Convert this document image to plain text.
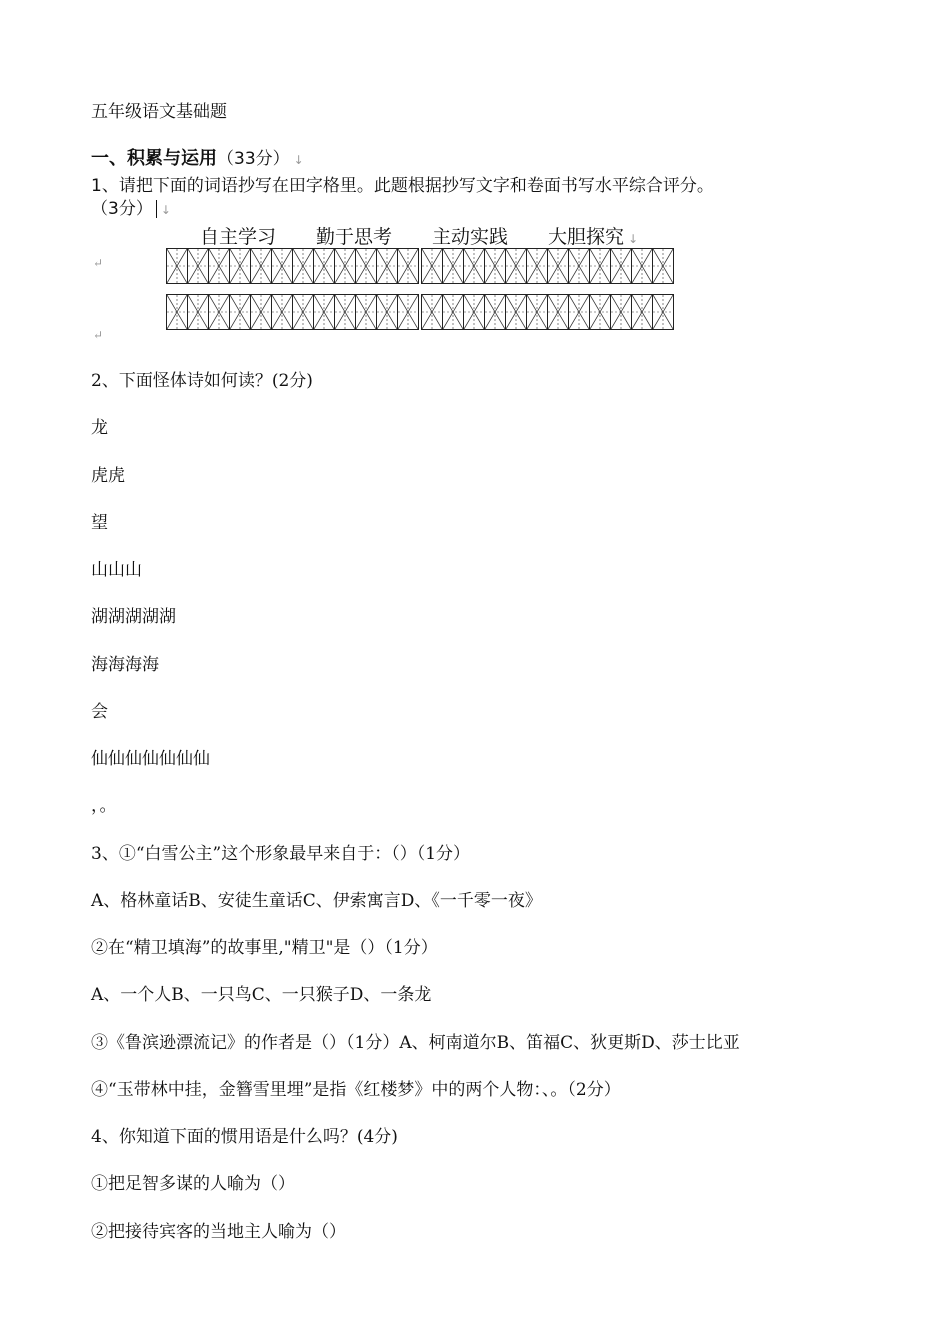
五年级语文基础题
一、积累与运用（33分） ↓
1、请把下面的词语抄写在田字格里。此题根据抄写文字和卷面书写水平综合评分。
（3分） ↓
自主学习 勤于思考 主动实践 大胆探究 ↓
↵
↵
2、下面怪体诗如何读？(2分)
龙
虎虎
望
山山山
湖湖湖湖湖
海海海海
会
仙仙仙仙仙仙仙
，。
3、①“白雪公主”这个形象最早来自于：（）（1分）
A、格林童话B、安徒生童话C、伊索寓言D、《一千零一夜》
②在“精卫填海”的故事里,"精卫"是（）（1分）
A、一个人B、一只鸟C、一只猴子D、一条龙
③《鲁滨逊漂流记》的作者是（）（1分）A、柯南道尔B、笛福C、狄更斯D、莎士比亚
④“玉带林中挂，金簪雪里埋”是指《红楼梦》中的两个人物：、。（2分）
4、你知道下面的惯用语是什么吗？(4分)
①把足智多谋的人喻为（）
②把接待宾客的当地主人喻为（）
